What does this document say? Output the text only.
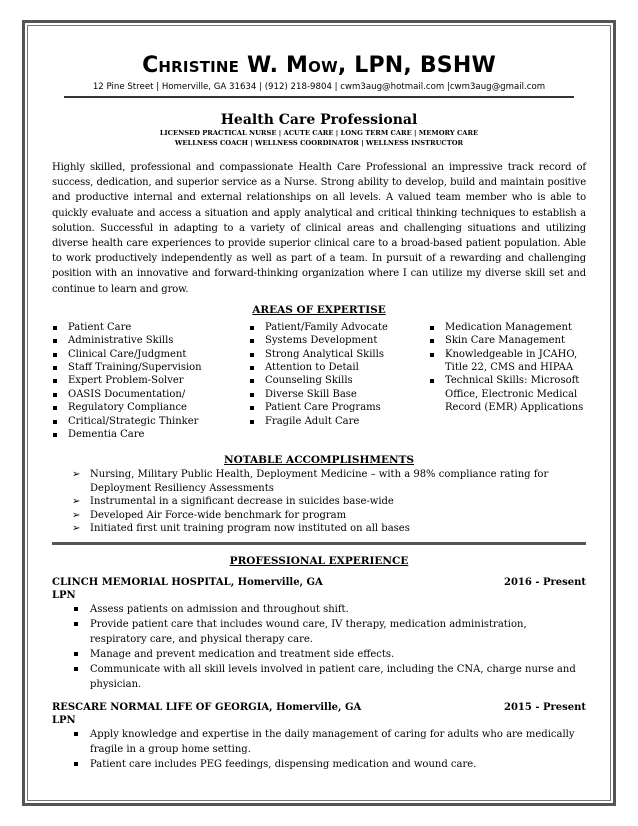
Christine W. Mow, LPN, BSHW
12 Pine Street | Homerville, GA 31634 | (912) 218-9804 | cwm3aug@hotmail.com |cwm3aug@gmail.com
Health Care Professional
LICENSED PRACTICAL NURSE | ACUTE CARE | LONG TERM CARE | MEMORY CARE
WELLNESS COACH | WELLNESS COORDINATOR | WELLNESS INSTRUCTOR

Highly skilled, professional and compassionate Health Care Professional an impressive track record of success, dedication, and superior service as a Nurse. Strong ability to develop, build and maintain positive and productive internal and external relationships on all levels. A valued team member who is able to quickly evaluate and access a situation and apply analytical and critical thinking techniques to establish a solution. Successful in adapting to a variety of clinical areas and challenging situations and utilizing diverse health care experiences to provide superior clinical care to a broad-based patient population. Able to work productively independently as well as part of a team. In pursuit of a rewarding and challenging position with an innovative and forward-thinking organization where I can utilize my diverse skill set and continue to learn and grow.

AREAS OF EXPERTISE
Patient Care
Administrative Skills
Clinical Care/Judgment
Staff Training/Supervision
Expert Problem-Solver
OASIS Documentation/
Regulatory Compliance
Critical/Strategic Thinker
Dementia Care
Patient/Family Advocate
Systems Development
Strong Analytical Skills
Attention to Detail
Counseling Skills
Diverse Skill Base
Patient Care Programs
Fragile Adult Care
Medication Management
Skin Care Management
Knowledgeable in JCAHO, Title 22, CMS and HIPAA
Technical Skills: Microsoft Office, Electronic Medical Record (EMR) Applications
NOTABLE ACCOMPLISHMENTS
➢ Nursing, Military Public Health, Deployment Medicine – with a 98% compliance rating for Deployment Resiliency Assessments
➢ Instrumental in a significant decrease in suicides base-wide
➢ Developed Air Force-wide benchmark for program
➢ Initiated first unit training program now instituted on all bases
PROFESSIONAL EXPERIENCE
CLINCH MEMORIAL HOSPITAL, Homerville, GA	2016 - Present
LPN
Assess patients on admission and throughout shift.
Provide patient care that includes wound care, IV therapy, medication administration, respiratory care, and physical therapy care.
Manage and prevent medication and treatment side effects.
Communicate with all skill levels involved in patient care, including the CNA, charge nurse and physician.
RESCARE NORMAL LIFE OF GEORGIA, Homerville, GA	2015 - Present
LPN
Apply knowledge and expertise in the daily management of caring for adults who are medically fragile in a group home setting.
Patient care includes PEG feedings, dispensing medication and wound care.
